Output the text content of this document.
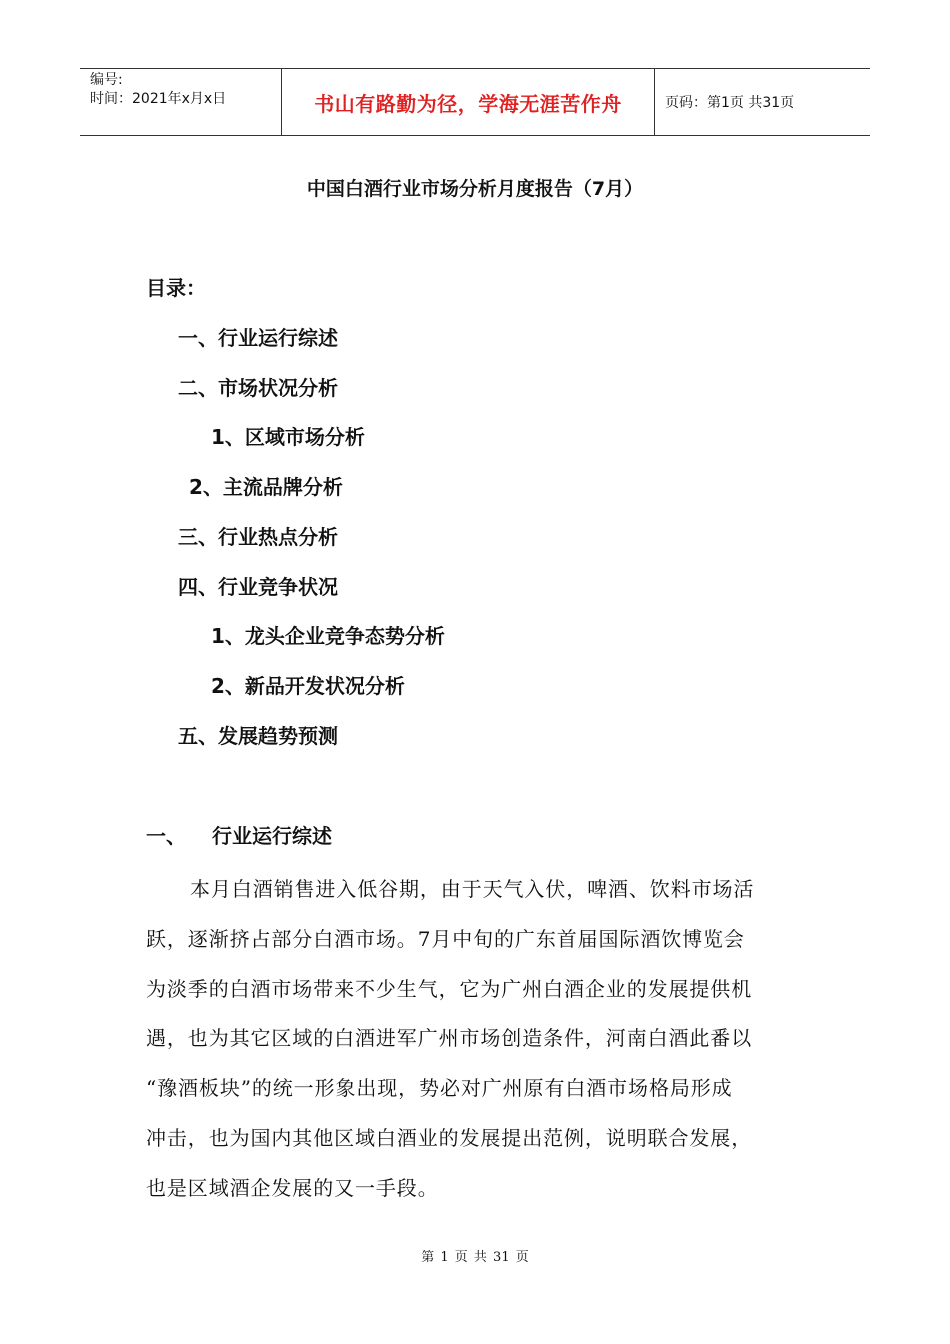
编号:
时间：2021年x月x日	书山有路勤为径，学海无涯苦作舟	页码：第1页 共31页
中国白酒行业市场分析月度报告（7月）
目录：
一、行业运行综述
二、市场状况分析
1、区域市场分析
2、主流品牌分析
三、行业热点分析
四、行业竞争状况
1、龙头企业竞争态势分析
2、新品开发状况分析
五、发展趋势预测
一、	行业运行综述
本月白酒销售进入低谷期，由于天气入伏，啤酒、饮料市场活
跃，逐渐挤占部分白酒市场。7月中旬的广东首届国际酒饮博览会
为淡季的白酒市场带来不少生气，它为广州白酒企业的发展提供机
遇，也为其它区域的白酒进军广州市场创造条件，河南白酒此番以
“豫酒板块”的统一形象出现，势必对广州原有白酒市场格局形成
冲击，也为国内其他区域白酒业的发展提出范例，说明联合发展，
也是区域酒企发展的又一手段。
第 1 页 共 31 页
